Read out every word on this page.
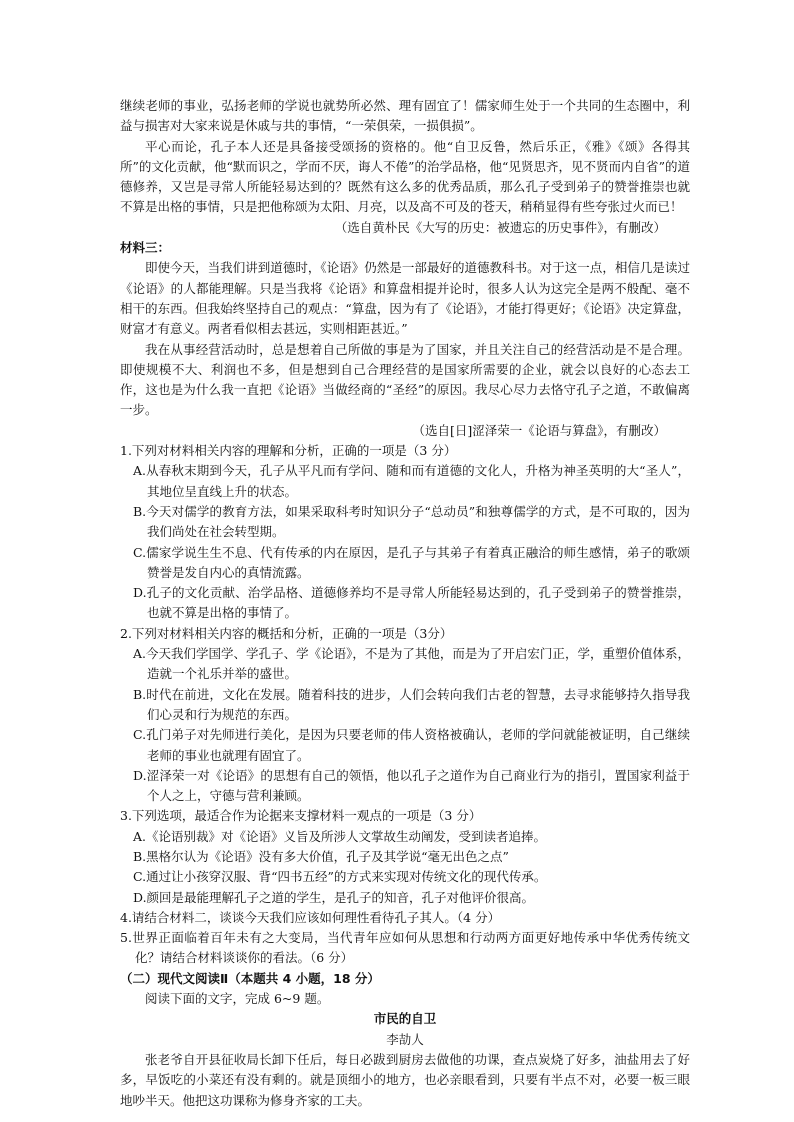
继续老师的事业，弘扬老师的学说也就势所必然、理有固宜了！儒家师生处于一个共同的生态圈中，利益与损害对大家来说是休戚与共的事情，“一荣俱荣，一损俱损”。

平心而论，孔子本人还是具备接受颂扬的资格的。他“自卫反鲁，然后乐正，《雅》《颂》各得其所”的文化贡献，他“默而识之，学而不厌，诲人不倦”的治学品格，他“见贤思齐，见不贤而内自省”的道德修养，又岂是寻常人所能轻易达到的？既然有这么多的优秀品质，那么孔子受到弟子的赞誉推崇也就不算是出格的事情，只是把他称颂为太阳、月亮，以及高不可及的苍天，稍稍显得有些夸张过火而已！

（选自黄朴民《大写的历史：被遗忘的历史事件》，有删改）

材料三：

即使今天，当我们讲到道德时，《论语》仍然是一部最好的道德教科书。对于这一点，相信几是读过《论语》的人都能理解。只是当我将《论语》和算盘相提并论时，很多人认为这完全是两不般配、毫不相干的东西。但我始终坚持自己的观点：“算盘，因为有了《论语》，才能打得更好；《论语》决定算盘，财富才有意义。两者看似相去甚远，实则相距甚近。”

我在从事经营活动时，总是想着自己所做的事是为了国家，并且关注自己的经营活动是不是合理。即使规模不大、利润也不多，但是想到自己合理经营的是国家所需要的企业，就会以良好的心态去工作，这也是为什么我一直把《论语》当做经商的“圣经”的原因。我尽心尽力去恪守孔子之道，不敢偏离一步。

（选自[日]涩泽荣一《论语与算盘》，有删改）

1.下列对材料相关内容的理解和分析，正确的一项是（3 分）

A.从春秋末期到今天，孔子从平凡而有学问、随和而有道德的文化人，升格为神圣英明的大“圣人”，其地位呈直线上升的状态。

B.今天对儒学的教育方法，如果采取科考时知识分子“总动员”和独尊儒学的方式，是不可取的，因为我们尚处在社会转型期。

C.儒家学说生生不息、代有传承的内在原因，是孔子与其弟子有着真正融洽的师生感情，弟子的歌颂赞誉是发自内心的真情流露。

D.孔子的文化贡献、治学品格、道德修养均不是寻常人所能轻易达到的，孔子受到弟子的赞誉推崇，也就不算是出格的事情了。

2.下列对材料相关内容的概括和分析，正确的一项是（3分）

A.今天我们学国学、学孔子、学《论语》，不是为了其他，而是为了开启宏门正，学，重塑价值体系，造就一个礼乐并举的盛世。

B.时代在前进，文化在发展。随着科技的进步，人们会转向我们古老的智慧，去寻求能够持久指导我们心灵和行为规范的东西。

C.孔门弟子对先师进行美化，是因为只要老师的伟人资格被确认，老师的学问就能被证明，自己继续老师的事业也就理有固宜了。

D.涩泽荣一对《论语》的思想有自己的领悟，他以孔子之道作为自己商业行为的指引，置国家利益于个人之上，守德与营利兼顾。

3.下列选项，最适合作为论据来支撑材料一观点的一项是（3 分）

A.《论语别裁》对《论语》义旨及所涉人文掌故生动阐发，受到读者追捧。

B.黑格尔认为《论语》没有多大价值，孔子及其学说“毫无出色之点”

C.通过让小孩穿汉服、背“四书五经”的方式来实现对传统文化的现代传承。

D.颜回是最能理解孔子之道的学生，是孔子的知音，孔子对他评价很高。

4.请结合材料二，谈谈今天我们应该如何理性看待孔子其人。（4 分）

5.世界正面临着百年未有之大变局，当代青年应如何从思想和行动两方面更好地传承中华优秀传统文化？请结合材料谈谈你的看法。（6 分）

（二）现代文阅读Ⅱ（本题共 4 小题，18 分）

阅读下面的文字，完成 6~9 题。

市民的自卫

李劼人

张老爷自开县征收局长卸下任后，每日必跋到厨房去做他的功课，查点炭烧了好多，油盐用去了好多，早饭吃的小菜还有没有剩的。就是顶细小的地方，也必亲眼看到，只要有半点不对，必要一板三眼地吵半天。他把这功课称为修身齐家的工夫。
